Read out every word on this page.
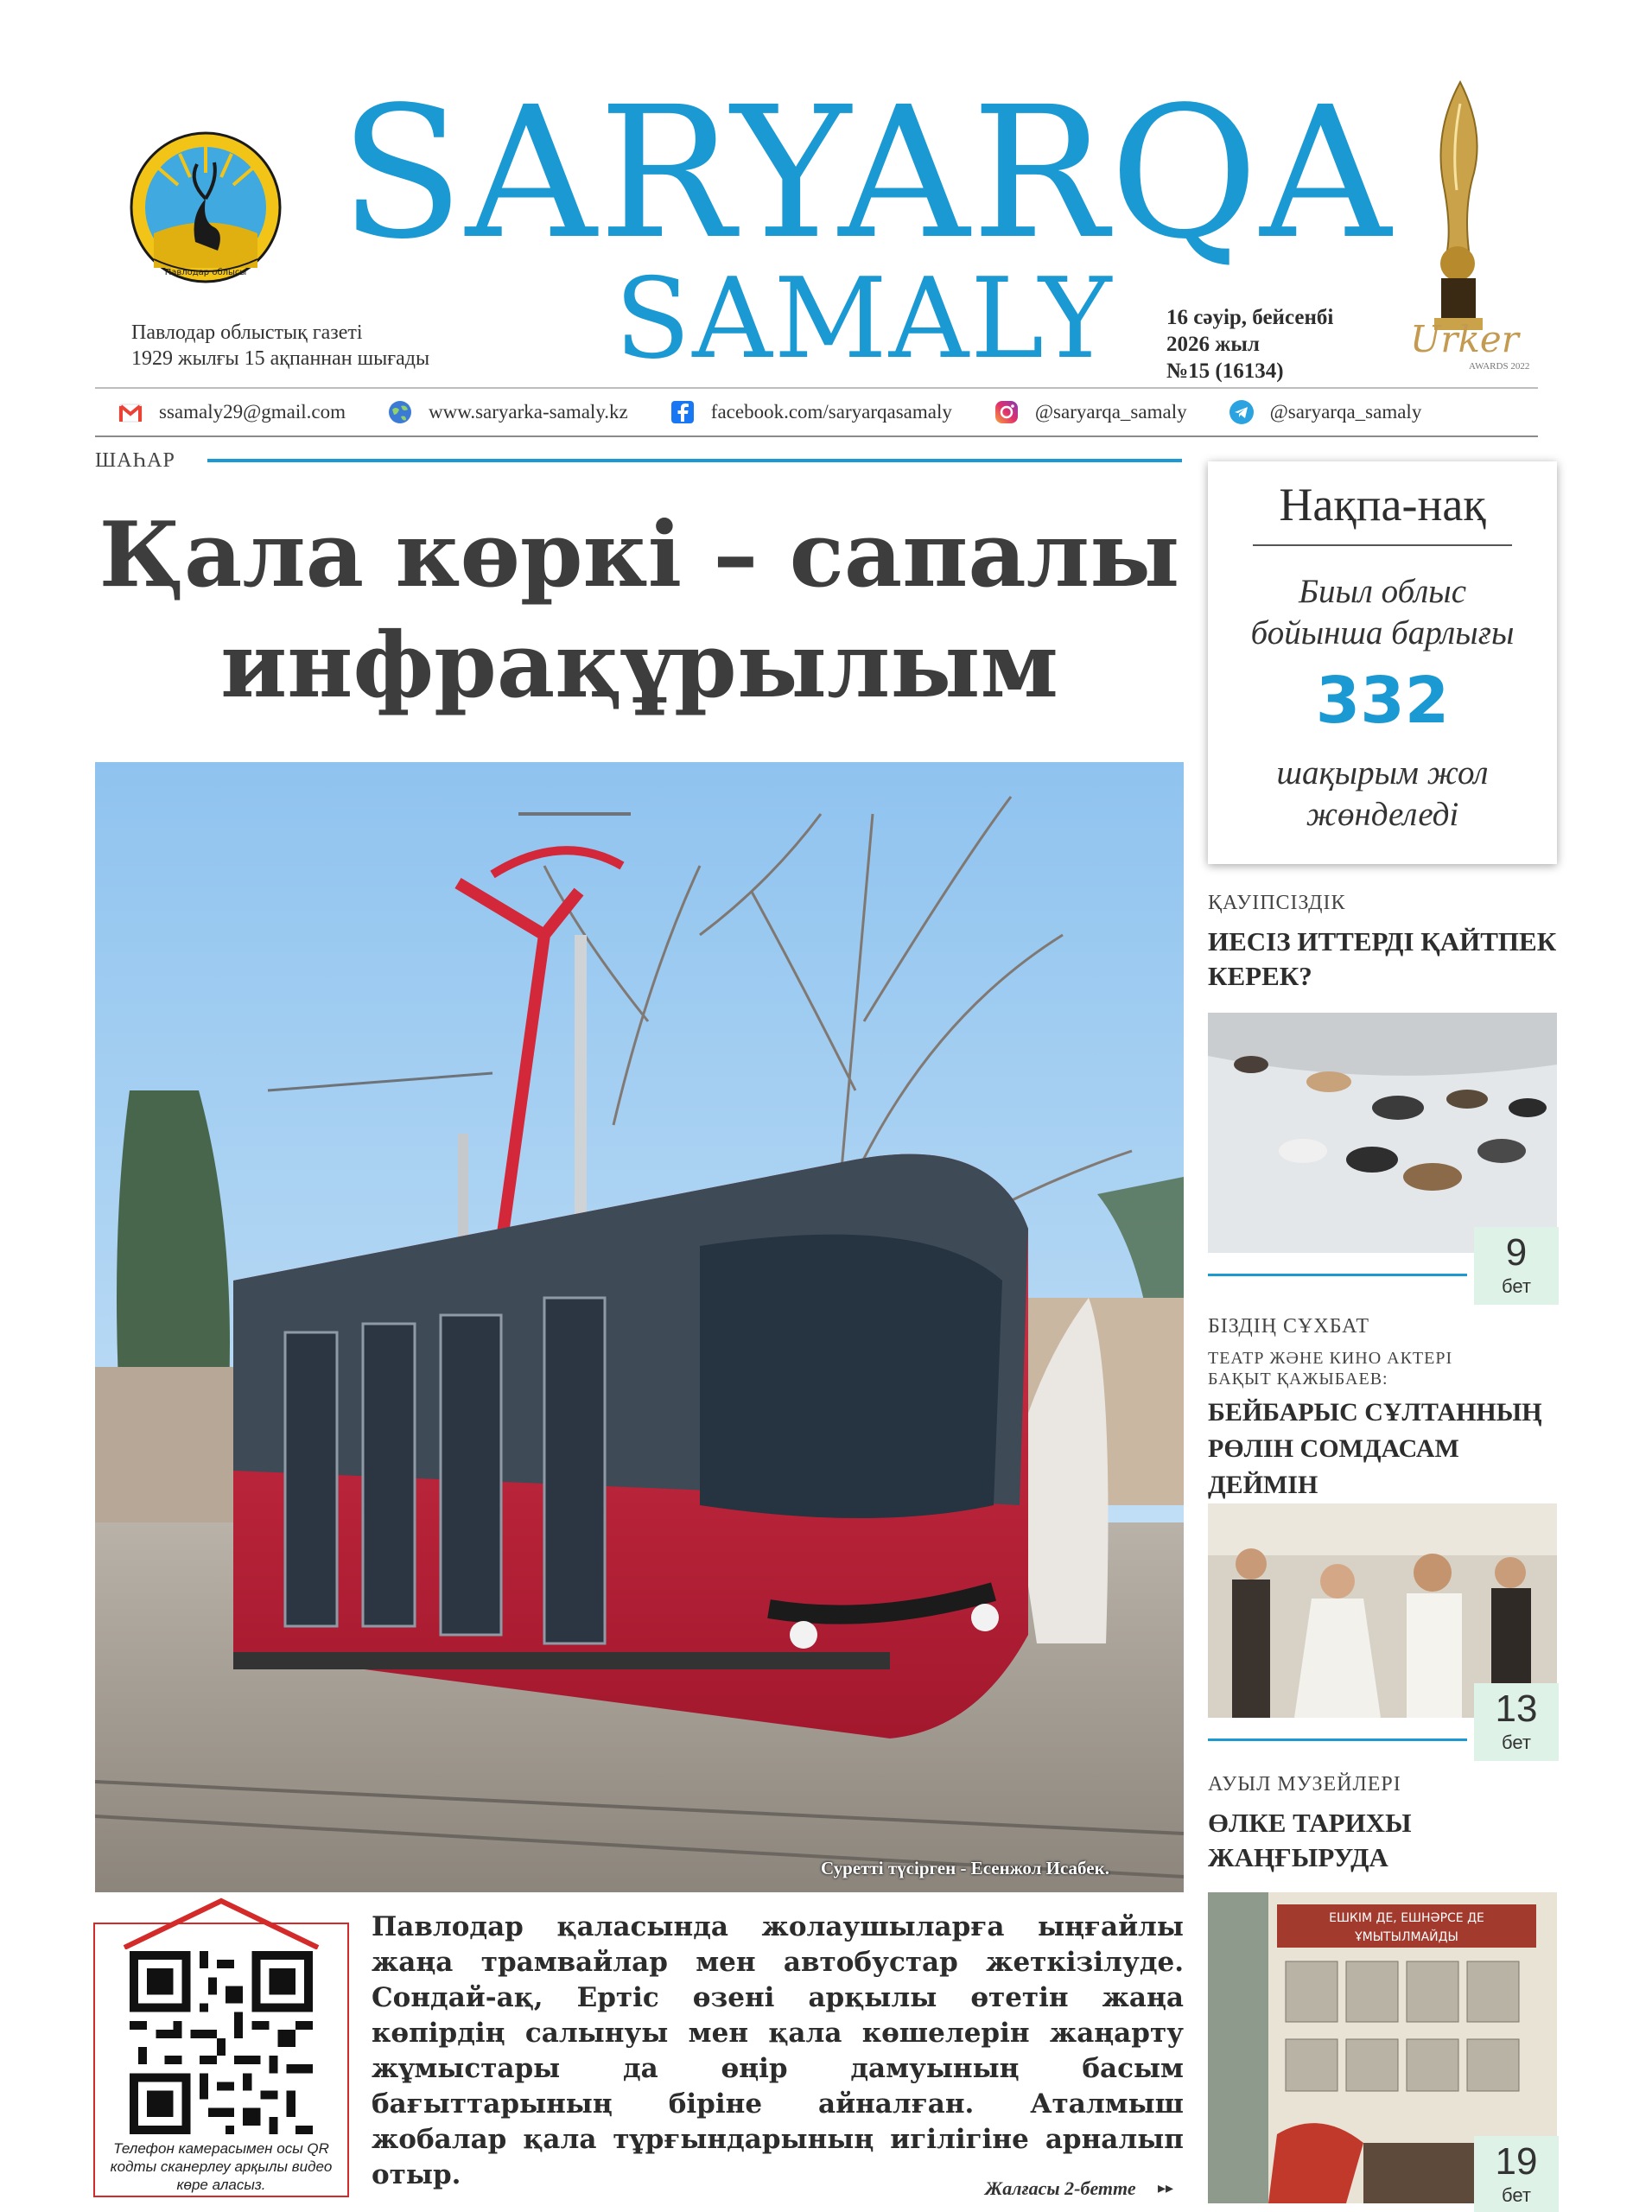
Павлодар облысы SARYARQA
SAMALY
Павлодар облыстық газеті
1929 жылғы 15 ақпаннан шығады
16 сәуір, бейсенбі
2026 жыл
№15 (16134)
Urker
AWARDS 2022
ssamaly29@gmail.com	www.saryarka-samaly.kz	facebook.com/saryarqasamaly	@saryarqa_samaly	@saryarqa_samaly
ШАҺАР
Қала көркі – сапалы
инфрақұрылым
Суретті түсірген - Есенжол Исабек.
Телефон камерасымен осы QR кодты сканерлеу арқылы видео көре аласыз.

Павлодар қаласында жолаушыларға ыңғайлы жаңа трамвайлар мен автобустар жеткізілуде. Сондай-ақ, Ертіс өзені арқылы өтетін жаңа көпірдің салынуы мен қала көшелерін жаңарту жұмыстары да өңір дамуының басым бағыттарының біріне айналған. Аталмыш жобалар қала тұрғындарының игілігіне арналып отыр.	Жалғасы 2-бетте ▸▸
Нақпа-нақ
Биыл облыс
бойынша барлығы
332
шақырым жол
жөнделеді
ҚАУІПСІЗДІК
ИЕСІЗ ИТТЕРДІ ҚАЙТПЕК КЕРЕК?
9
бет
БІЗДІҢ СҰХБАТ
ТЕАТР ЖӘНЕ КИНО АКТЕРІ
БАҚЫТ ҚАЖЫБАЕВ:
БЕЙБАРЫС СҰЛТАННЫҢ РӨЛІН СОМДАСАМ ДЕЙМІН
13
бет
АУЫЛ МУЗЕЙЛЕРІ
ӨЛКЕ ТАРИХЫ ЖАҢҒЫРУДА
ЕШКІМ ДЕ, ЕШНӘРСЕ ДЕ
ҰМЫТЫЛМАЙДЫ
19
бет
